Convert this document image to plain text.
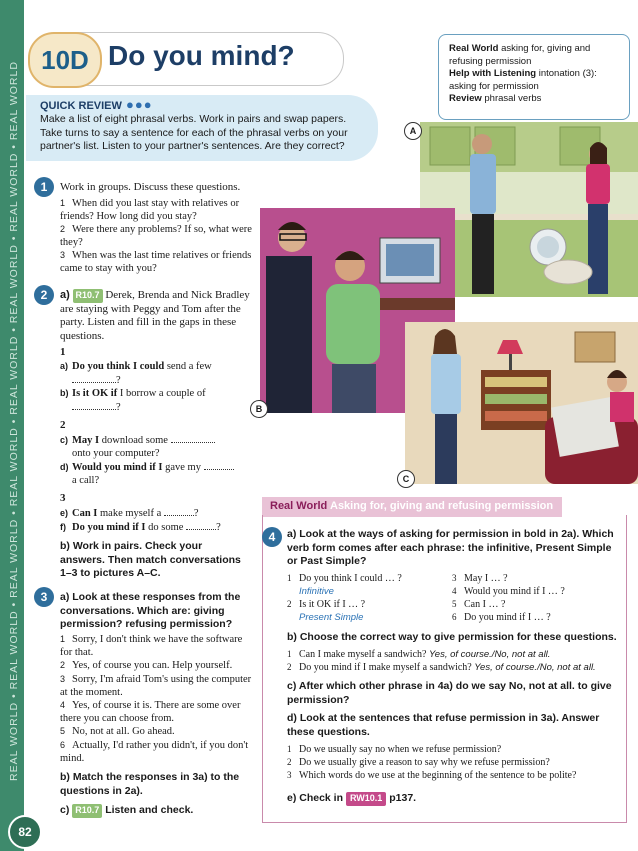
REAL WORLD • REAL WORLD • REAL WORLD • REAL WORLD • REAL WORLD • REAL WORLD • REAL WORLD • REAL WORLD
82
10D Do you mind?	Real World asking for, giving and refusing permission
Help with Listening intonation (3): asking for permission
Review phrasal verbs
QUICK REVIEW ●●●
Make a list of eight phrasal verbs. Work in pairs and swap papers. Take turns to say a sentence for each of the phrasal verbs on your partner's list. Listen to your partner's sentences. Are they correct?
1	Work in groups. Discuss these questions.
1 When did you last stay with relatives or friends? How long did you stay?
2 Were there any problems? If so, what were they?
3 When was the last time relatives or friends came to stay with you?
2	a) R10.7 Derek, Brenda and Nick Bradley are staying with Peggy and Tom after the party. Listen and fill in the gaps in these questions.
1
a) Do you think I could send a few
?
b) Is it OK if I borrow a couple of
?
2
c) May I download some
onto your computer?
d) Would you mind if I gave my
a call?
3
e) Can I make myself a	?
f) Do you mind if I do some	?
b) Work in pairs. Check your answers. Then match conversations 1–3 to pictures A–C.
3	a) Look at these responses from the conversations. Which are: giving permission? refusing permission?
1 Sorry, I don't think we have the software for that.
2 Yes, of course you can. Help yourself.
3 Sorry, I'm afraid Tom's using the computer at the moment.
4 Yes, of course it is. There are some over there you can choose from.
5 No, not at all. Go ahead.
6 Actually, I'd rather you didn't, if you don't mind.
b) Match the responses in 3a) to the questions in 2a).
c) R10.7 Listen and check.
A
B
C
Real World Asking for, giving and refusing permission
4	a) Look at the ways of asking for permission in bold in 2a). Which verb form comes after each phrase: the infinitive, Present Simple or Past Simple?
1 Do you think I could … ?
Infinitive
2 Is it OK if I … ?
Present Simple
3 May I … ?
4 Would you mind if I … ?
5 Can I … ?
6 Do you mind if I … ?
b) Choose the correct way to give permission for these questions.
1 Can I make myself a sandwich? Yes, of course./No, not at all.
2 Do you mind if I make myself a sandwich? Yes, of course./No, not at all.
c) After which other phrase in 4a) do we say No, not at all. to give permission?
d) Look at the sentences that refuse permission in 3a). Answer these questions.
1 Do we usually say no when we refuse permission?
2 Do we usually give a reason to say why we refuse permission?
3 Which words do we use at the beginning of the sentence to be polite?
e) Check in RW10.1 p137.
